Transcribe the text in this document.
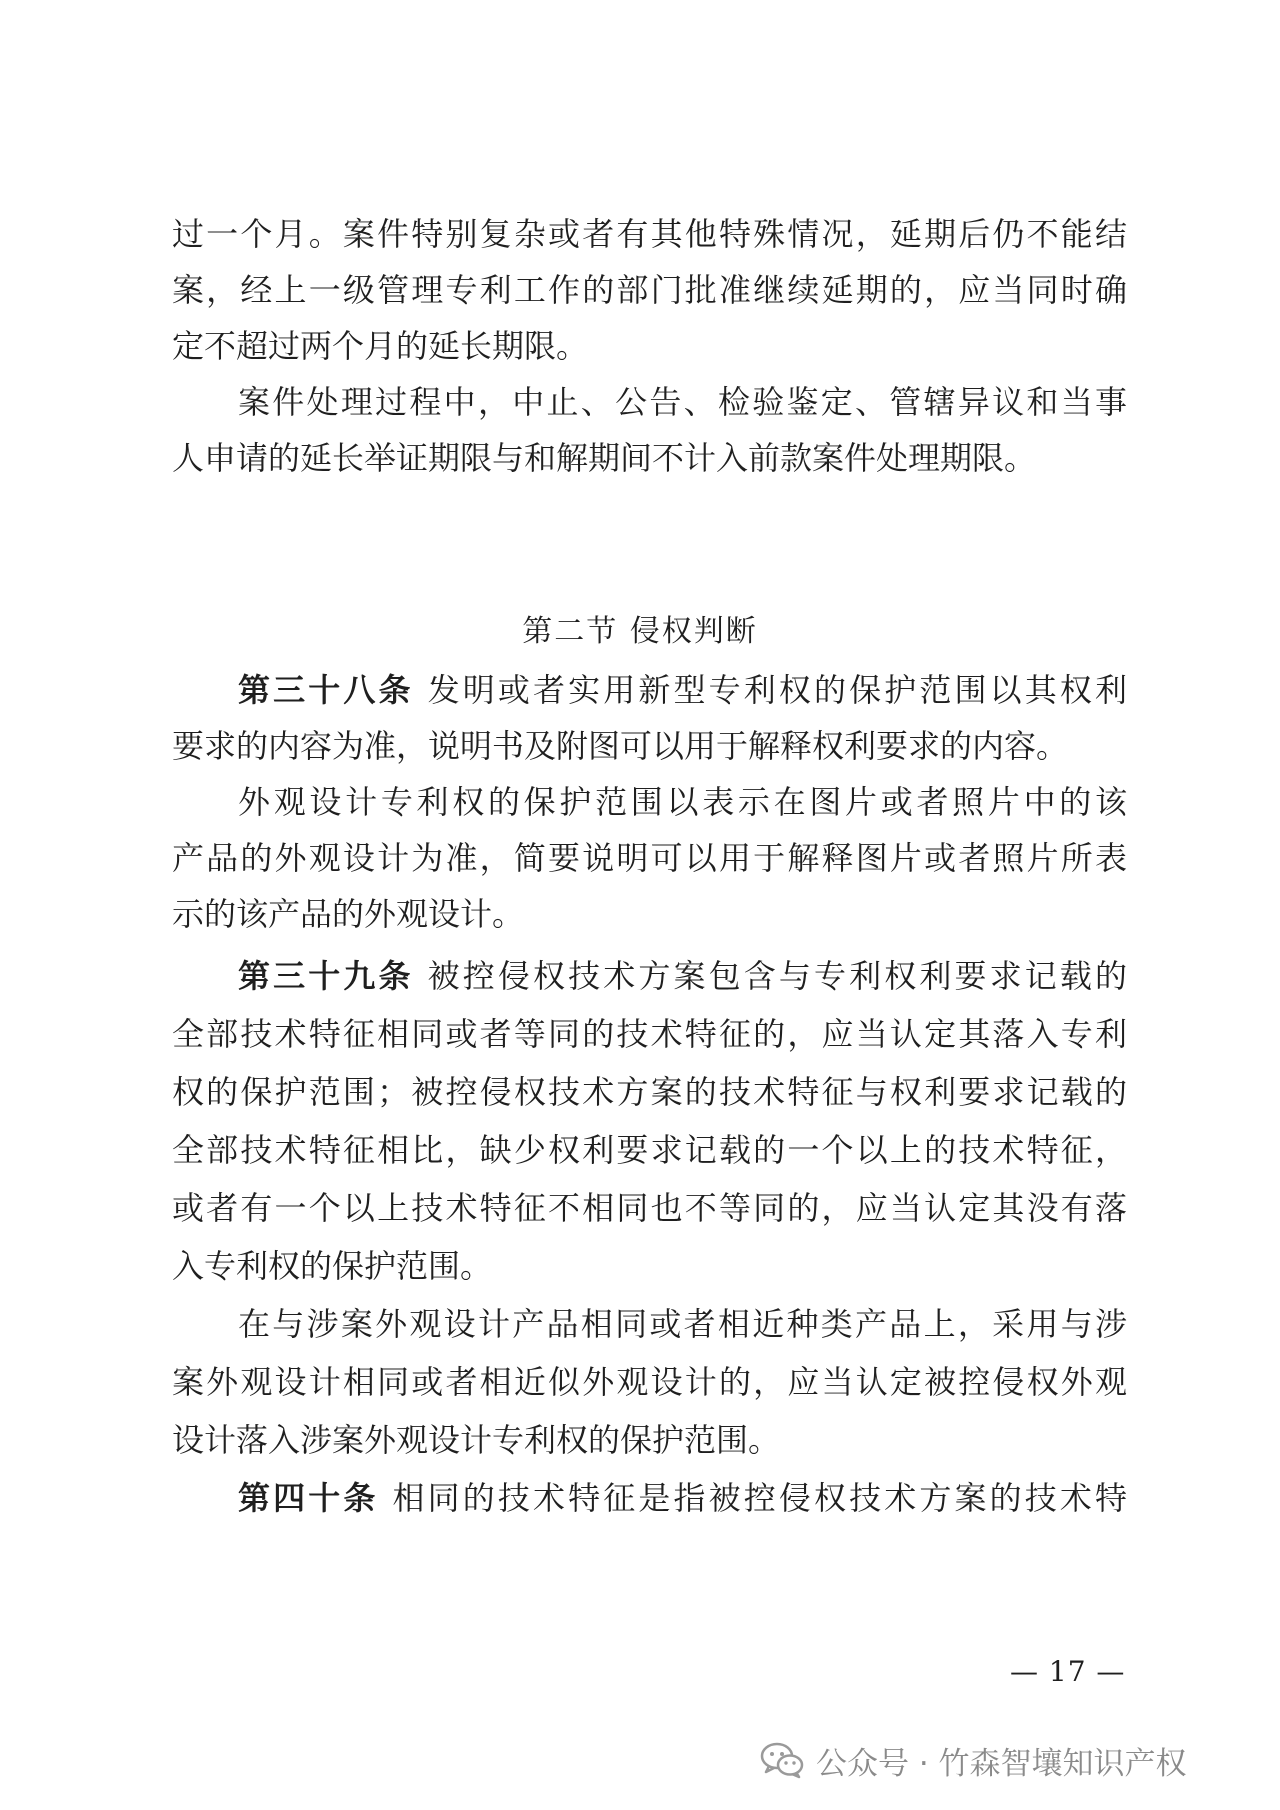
过一个月。案件特别复杂或者有其他特殊情况，延期后仍不能结
案，经上一级管理专利工作的部门批准继续延期的，应当同时确
定不超过两个月的延长期限。
案件处理过程中，中止、公告、检验鉴定、管辖异议和当事
人申请的延长举证期限与和解期间不计入前款案件处理期限。
第二节 侵权判断
第三十八条 发明或者实用新型专利权的保护范围以其权利
要求的内容为准，说明书及附图可以用于解释权利要求的内容。
外观设计专利权的保护范围以表示在图片或者照片中的该
产品的外观设计为准，简要说明可以用于解释图片或者照片所表
示的该产品的外观设计。
第三十九条 被控侵权技术方案包含与专利权利要求记载的
全部技术特征相同或者等同的技术特征的，应当认定其落入专利
权的保护范围；被控侵权技术方案的技术特征与权利要求记载的
全部技术特征相比，缺少权利要求记载的一个以上的技术特征，
或者有一个以上技术特征不相同也不等同的，应当认定其没有落
入专利权的保护范围。
在与涉案外观设计产品相同或者相近种类产品上，采用与涉
案外观设计相同或者相近似外观设计的，应当认定被控侵权外观
设计落入涉案外观设计专利权的保护范围。
第四十条 相同的技术特征是指被控侵权技术方案的技术特
— 17 —
公众号 · 竹森智壤知识产权
